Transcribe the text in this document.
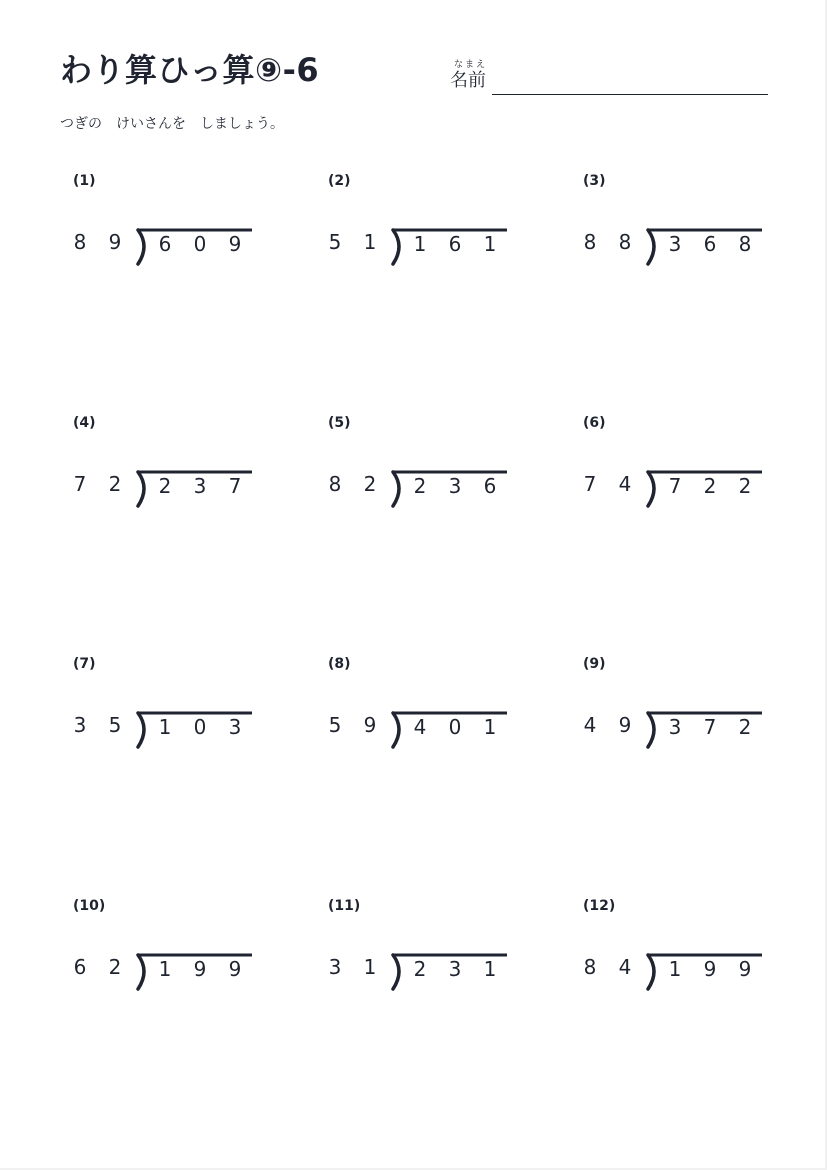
わり算ひっ算⑨-6	なまえ
名前
つぎの　けいさんを　しましょう。
(1)
8 9 6 0 9
(2)
5 1 1 6 1
(3)
8 8 3 6 8
(4)
7 2 2 3 7
(5)
8 2 2 3 6
(6)
7 4 7 2 2
(7)
3 5 1 0 3
(8)
5 9 4 0 1
(9)
4 9 3 7 2
(10)
6 2 1 9 9
(11)
3 1 2 3 1
(12)
8 4 1 9 9
